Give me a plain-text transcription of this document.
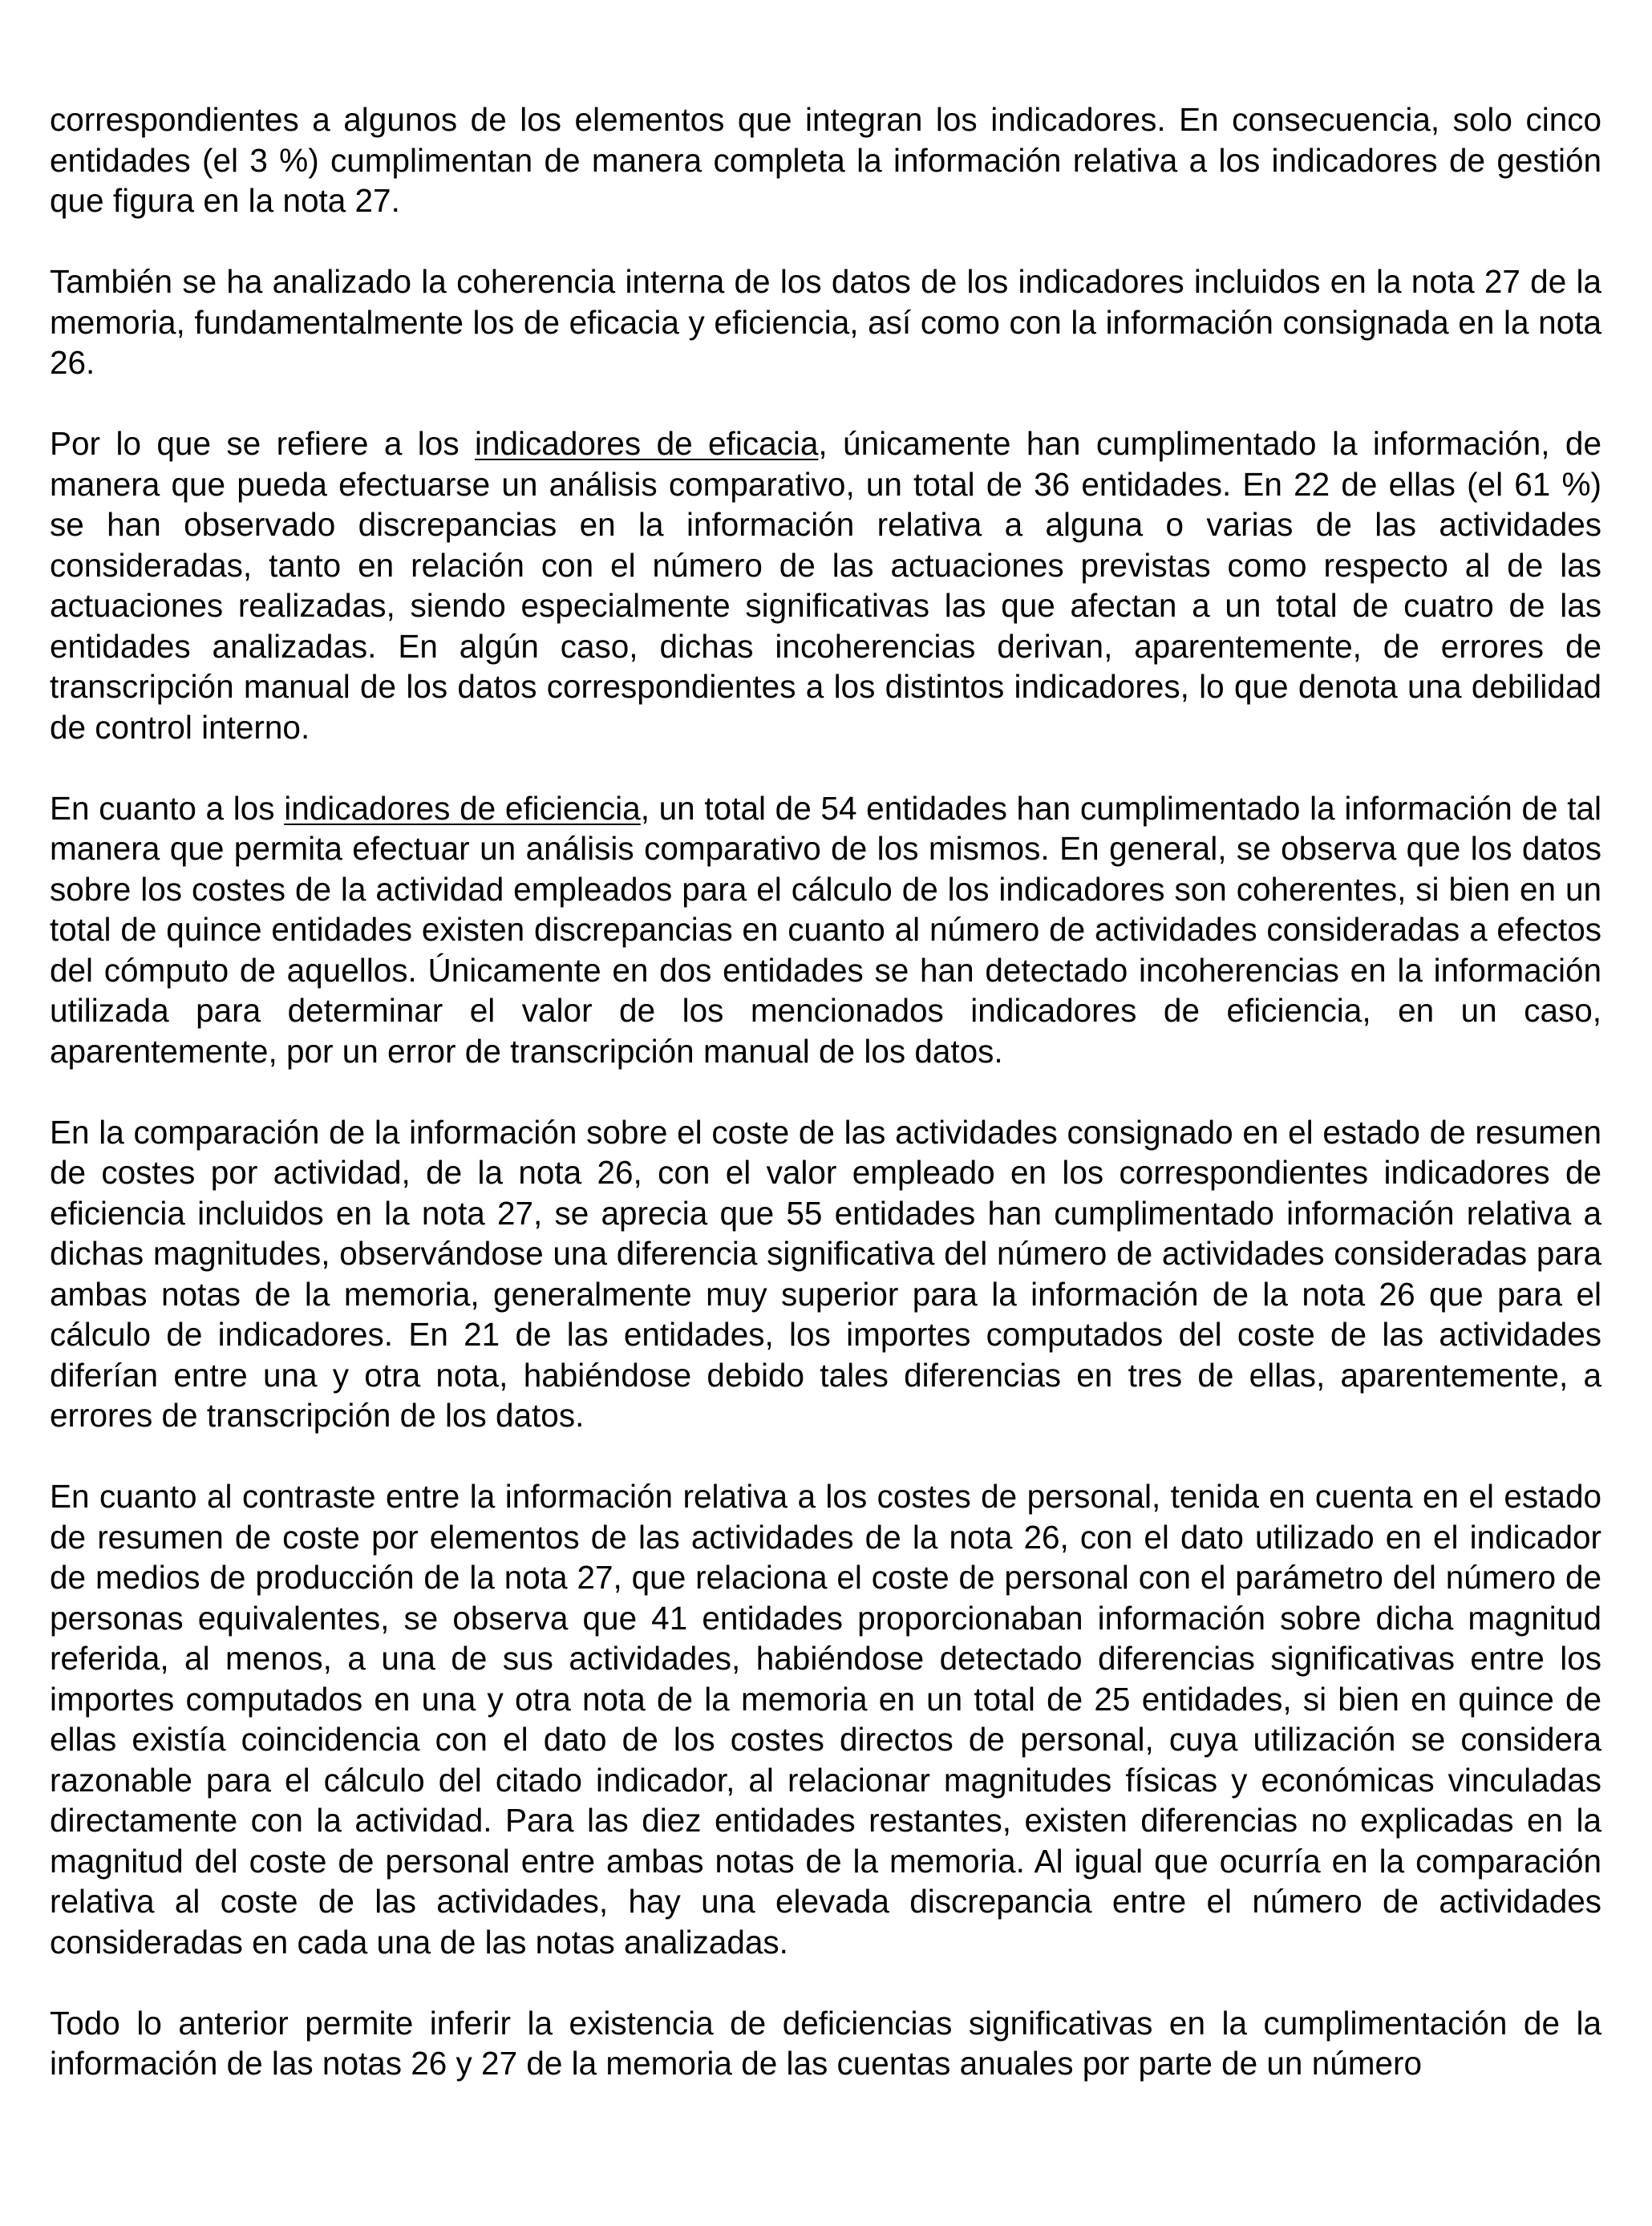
correspondientes a algunos de los elementos que integran los indicadores. En consecuencia, solo cinco entidades (el 3 %) cumplimentan de manera completa la información relativa a los indicadores de gestión que figura en la nota 27.

También se ha analizado la coherencia interna de los datos de los indicadores incluidos en la nota 27 de la memoria, fundamentalmente los de eficacia y eficiencia, así como con la información consignada en la nota 26.

Por lo que se refiere a los indicadores de eficacia, únicamente han cumplimentado la información, de manera que pueda efectuarse un análisis comparativo, un total de 36 entidades. En 22 de ellas (el 61 %) se han observado discrepancias en la información relativa a alguna o varias de las actividades consideradas, tanto en relación con el número de las actuaciones previstas como respecto al de las actuaciones realizadas, siendo especialmente significativas las que afectan a un total de cuatro de las entidades analizadas. En algún caso, dichas incoherencias derivan, aparentemente, de errores de transcripción manual de los datos correspondientes a los distintos indicadores, lo que denota una debilidad de control interno.

En cuanto a los indicadores de eficiencia, un total de 54 entidades han cumplimentado la información de tal manera que permita efectuar un análisis comparativo de los mismos. En general, se observa que los datos sobre los costes de la actividad empleados para el cálculo de los indicadores son coherentes, si bien en un total de quince entidades existen discrepancias en cuanto al número de actividades consideradas a efectos del cómputo de aquellos. Únicamente en dos entidades se han detectado incoherencias en la información utilizada para determinar el valor de los mencionados indicadores de eficiencia, en un caso, aparentemente, por un error de transcripción manual de los datos.

En la comparación de la información sobre el coste de las actividades consignado en el estado de resumen de costes por actividad, de la nota 26, con el valor empleado en los correspondientes indicadores de eficiencia incluidos en la nota 27, se aprecia que 55 entidades han cumplimentado información relativa a dichas magnitudes, observándose una diferencia significativa del número de actividades consideradas para ambas notas de la memoria, generalmente muy superior para la información de la nota 26 que para el cálculo de indicadores. En 21 de las entidades, los importes computados del coste de las actividades diferían entre una y otra nota, habiéndose debido tales diferencias en tres de ellas, aparentemente, a errores de transcripción de los datos.

En cuanto al contraste entre la información relativa a los costes de personal, tenida en cuenta en el estado de resumen de coste por elementos de las actividades de la nota 26, con el dato utilizado en el indicador de medios de producción de la nota 27, que relaciona el coste de personal con el parámetro del número de personas equivalentes, se observa que 41 entidades proporcionaban información sobre dicha magnitud referida, al menos, a una de sus actividades, habiéndose detectado diferencias significativas entre los importes computados en una y otra nota de la memoria en un total de 25 entidades, si bien en quince de ellas existía coincidencia con el dato de los costes directos de personal, cuya utilización se considera razonable para el cálculo del citado indicador, al relacionar magnitudes físicas y económicas vinculadas directamente con la actividad. Para las diez entidades restantes, existen diferencias no explicadas en la magnitud del coste de personal entre ambas notas de la memoria. Al igual que ocurría en la comparación relativa al coste de las actividades, hay una elevada discrepancia entre el número de actividades consideradas en cada una de las notas analizadas.

Todo lo anterior permite inferir la existencia de deficiencias significativas en la cumplimentación de la información de las notas 26 y 27 de la memoria de las cuentas anuales por parte de un número
